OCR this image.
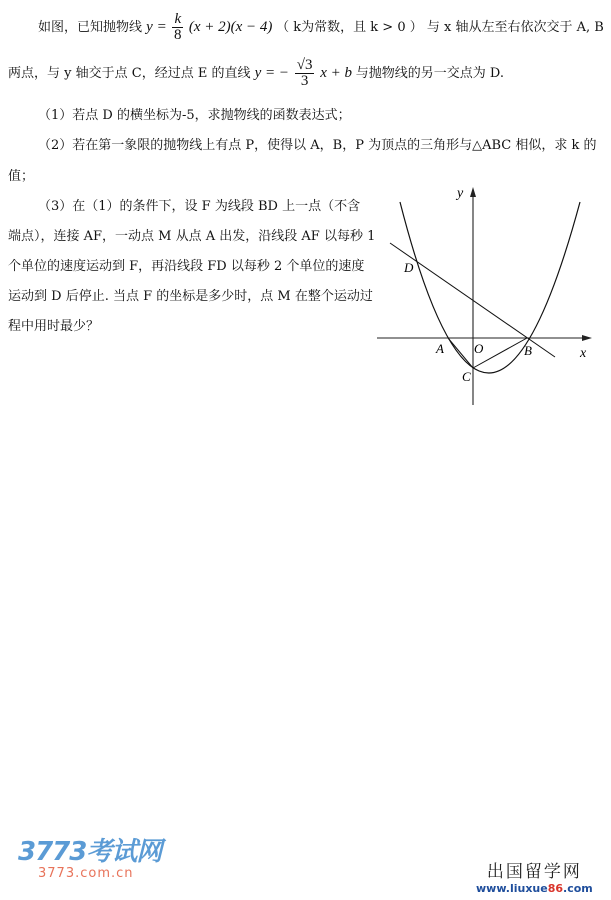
如图，已知抛物线 $y = \frac{k}{8} (x + 2)(x - 4)$ （ k为常数，且 k > 0 ） 与 x 轴从左至右依次交于 A, B
两点，与 y 轴交于点 C，经过点 E 的直线 y = − $\frac{√3}{3}$ x + b 与抛物线的另一交点为 D.
（1）若点 D 的横坐标为-5，求抛物线的函数表达式；
（2）若在第一象限的抛物线上有点 P，使得以 A，B，P 为顶点的三角形与△ABC 相似，求 k 的
值；
（3）在（1）的条件下，设 F 为线段 BD 上一点（不含
端点），连接 AF，一动点 M 从点 A 出发，沿线段 AF 以每秒 1
个单位的速度运动到 F，再沿线段 FD 以每秒 2 个单位的速度
运动到 D 后停止. 当点 F 的坐标是多少时，点 M 在整个运动过
程中用时最少？
y
x
O
A	B
C
D
3773考试网
3773.com.cn	出国留学网
www.liuxue86.com
